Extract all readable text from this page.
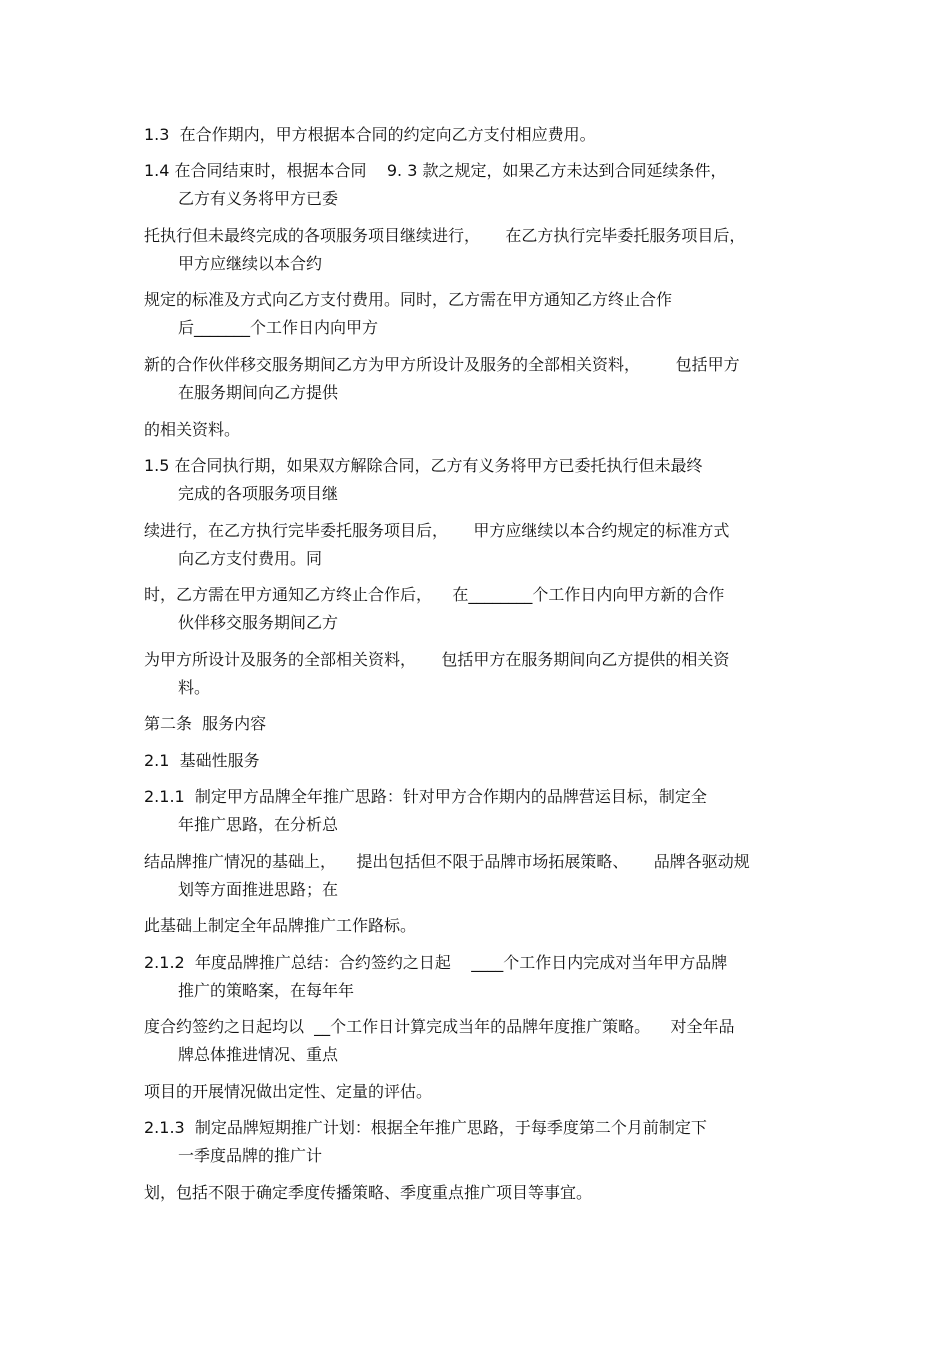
1.3  在合作期内，甲方根据本合同的约定向乙方支付相应费用。
1.4 在合同结束时，根据本合同    9. 3 款之规定，如果乙方未达到合同延续条件，
乙方有义务将甲方已委
托执行但未最终完成的各项服务项目继续进行，     在乙方执行完毕委托服务项目后，
甲方应继续以本合约
规定的标准及方式向乙方支付费用。同时，乙方需在甲方通知乙方终止合作
后_______个工作日内向甲方
新的合作伙伴移交服务期间乙方为甲方所设计及服务的全部相关资料，       包括甲方
在服务期间向乙方提供
的相关资料。
1.5 在合同执行期，如果双方解除合同，乙方有义务将甲方已委托执行但未最终
完成的各项服务项目继
续进行，在乙方执行完毕委托服务项目后，     甲方应继续以本合约规定的标准方式
向乙方支付费用。同
时，乙方需在甲方通知乙方终止合作后，    在________个工作日内向甲方新的合作
伙伴移交服务期间乙方
为甲方所设计及服务的全部相关资料，     包括甲方在服务期间向乙方提供的相关资
料。
第二条  服务内容
2.1  基础性服务
2.1.1  制定甲方品牌全年推广思路：针对甲方合作期内的品牌营运目标，制定全
年推广思路，在分析总
结品牌推广情况的基础上，    提出包括但不限于品牌市场拓展策略、     品牌各驱动规
划等方面推进思路；在
此基础上制定全年品牌推广工作路标。
2.1.2  年度品牌推广总结：合约签约之日起    ____个工作日内完成对当年甲方品牌
推广的策略案，在每年年
度合约签约之日起均以  __个工作日计算完成当年的品牌年度推广策略。    对全年品
牌总体推进情况、重点
项目的开展情况做出定性、定量的评估。
2.1.3  制定品牌短期推广计划：根据全年推广思路，于每季度第二个月前制定下
一季度品牌的推广计
划，包括不限于确定季度传播策略、季度重点推广项目等事宜。
